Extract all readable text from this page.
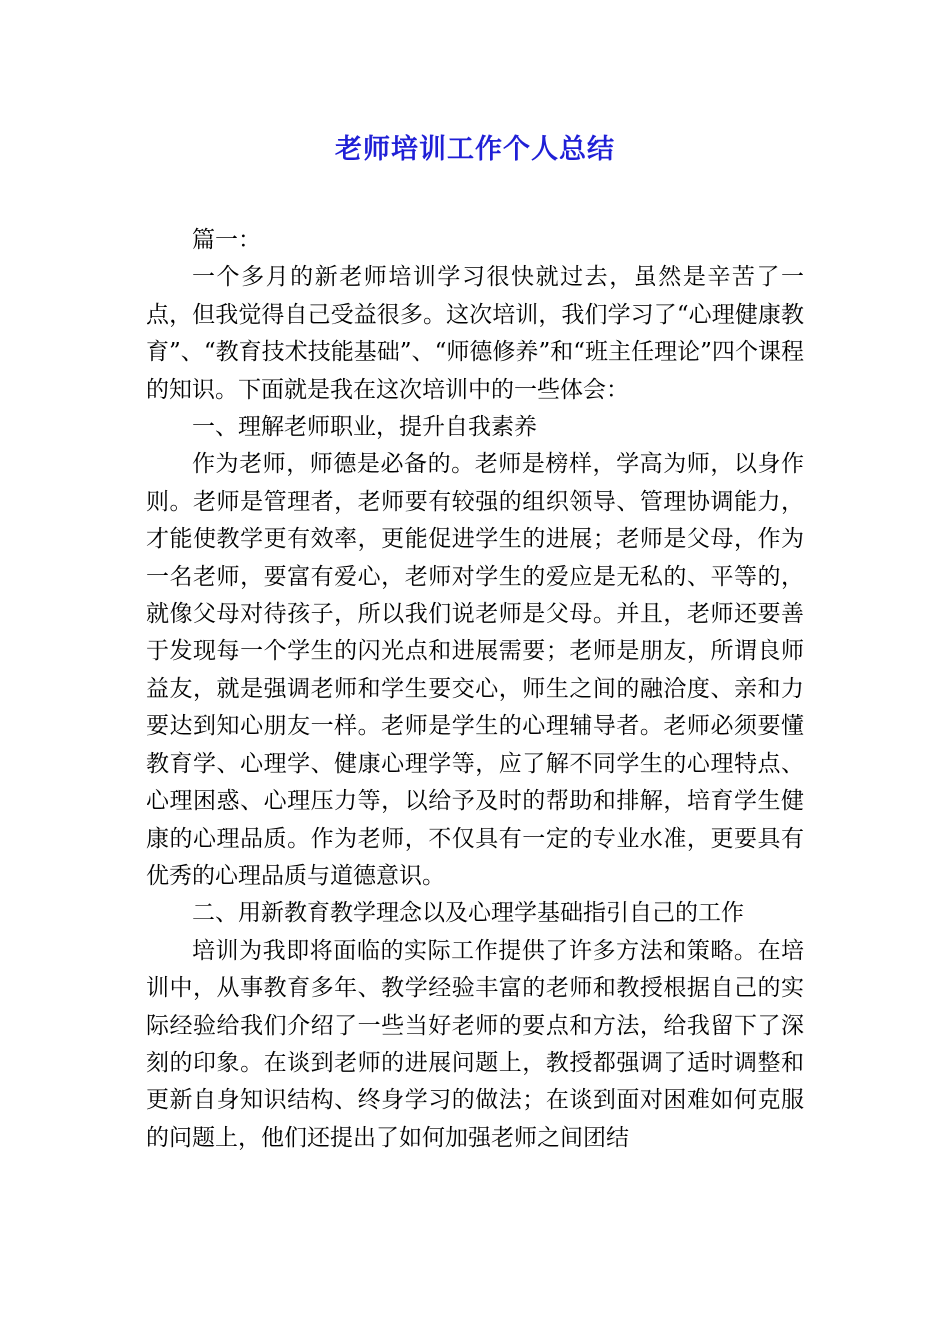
老师培训工作个人总结

篇一：

一个多月的新老师培训学习很快就过去，虽然是辛苦了一点，但我觉得自己受益很多。这次培训，我们学习了“心理健康教育”、“教育技术技能基础”、“师德修养”和“班主任理论”四个课程的知识。下面就是我在这次培训中的一些体会：

一、理解老师职业，提升自我素养

作为老师，师德是必备的。老师是榜样，学高为师，以身作则。老师是管理者，老师要有较强的组织领导、管理协调能力，才能使教学更有效率，更能促进学生的进展；老师是父母，作为一名老师，要富有爱心，老师对学生的爱应是无私的、平等的，就像父母对待孩子，所以我们说老师是父母。并且，老师还要善于发现每一个学生的闪光点和进展需要；老师是朋友，所谓良师益友，就是强调老师和学生要交心，师生之间的融洽度、亲和力要达到知心朋友一样。老师是学生的心理辅导者。老师必须要懂教育学、心理学、健康心理学等，应了解不同学生的心理特点、心理困惑、心理压力等，以给予及时的帮助和排解，培育学生健康的心理品质。作为老师，不仅具有一定的专业水准，更要具有优秀的心理品质与道德意识。

二、用新教育教学理念以及心理学基础指引自己的工作

培训为我即将面临的实际工作提供了许多方法和策略。在培训中，从事教育多年、教学经验丰富的老师和教授根据自己的实际经验给我们介绍了一些当好老师的要点和方法，给我留下了深刻的印象。在谈到老师的进展问题上，教授都强调了适时调整和更新自身知识结构、终身学习的做法；在谈到面对困难如何克服的问题上，他们还提出了如何加强老师之间团结
